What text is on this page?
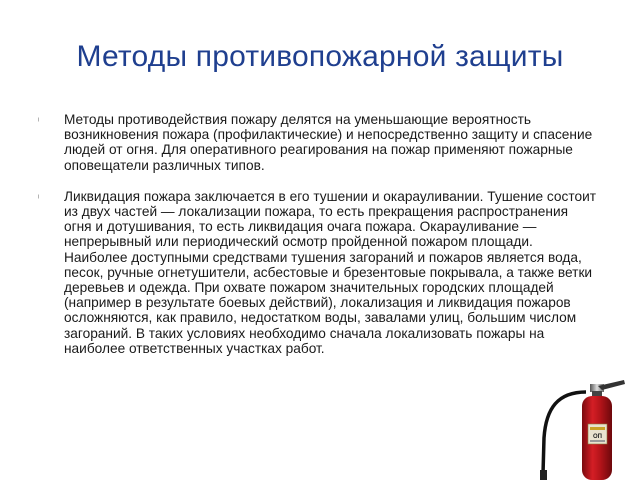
Методы противопожарной защиты
𝆠 Методы противодействия пожару делятся на уменьшающие вероятность возникновения пожара (профилактические) и непосредственно защиту и спасение людей от огня. Для оперативного реагирования на пожар применяют пожарные оповещатели различных типов.
𝆠 Ликвидация пожара заключается в его тушении и окарауливании. Тушение состоит из двух частей — локализации пожара, то есть прекращения распространения огня и дотушивания, то есть ликвидация очага пожара. Окарауливание — непрерывный или периодический осмотр пройденной пожаром площади. Наиболее доступными средствами тушения загораний и пожаров является вода, песок, ручные огнетушители, асбестовые и брезентовые покрывала, а также ветки деревьев и одежда. При охвате пожаром значительных городских площадей (например в результате боевых действий), локализация и ликвидация пожаров осложняются, как правило, недостатком воды, завалами улиц, большим числом загораний. В таких условиях необходимо сначала локализовать пожары на наиболее ответственных участках работ.
ОП
